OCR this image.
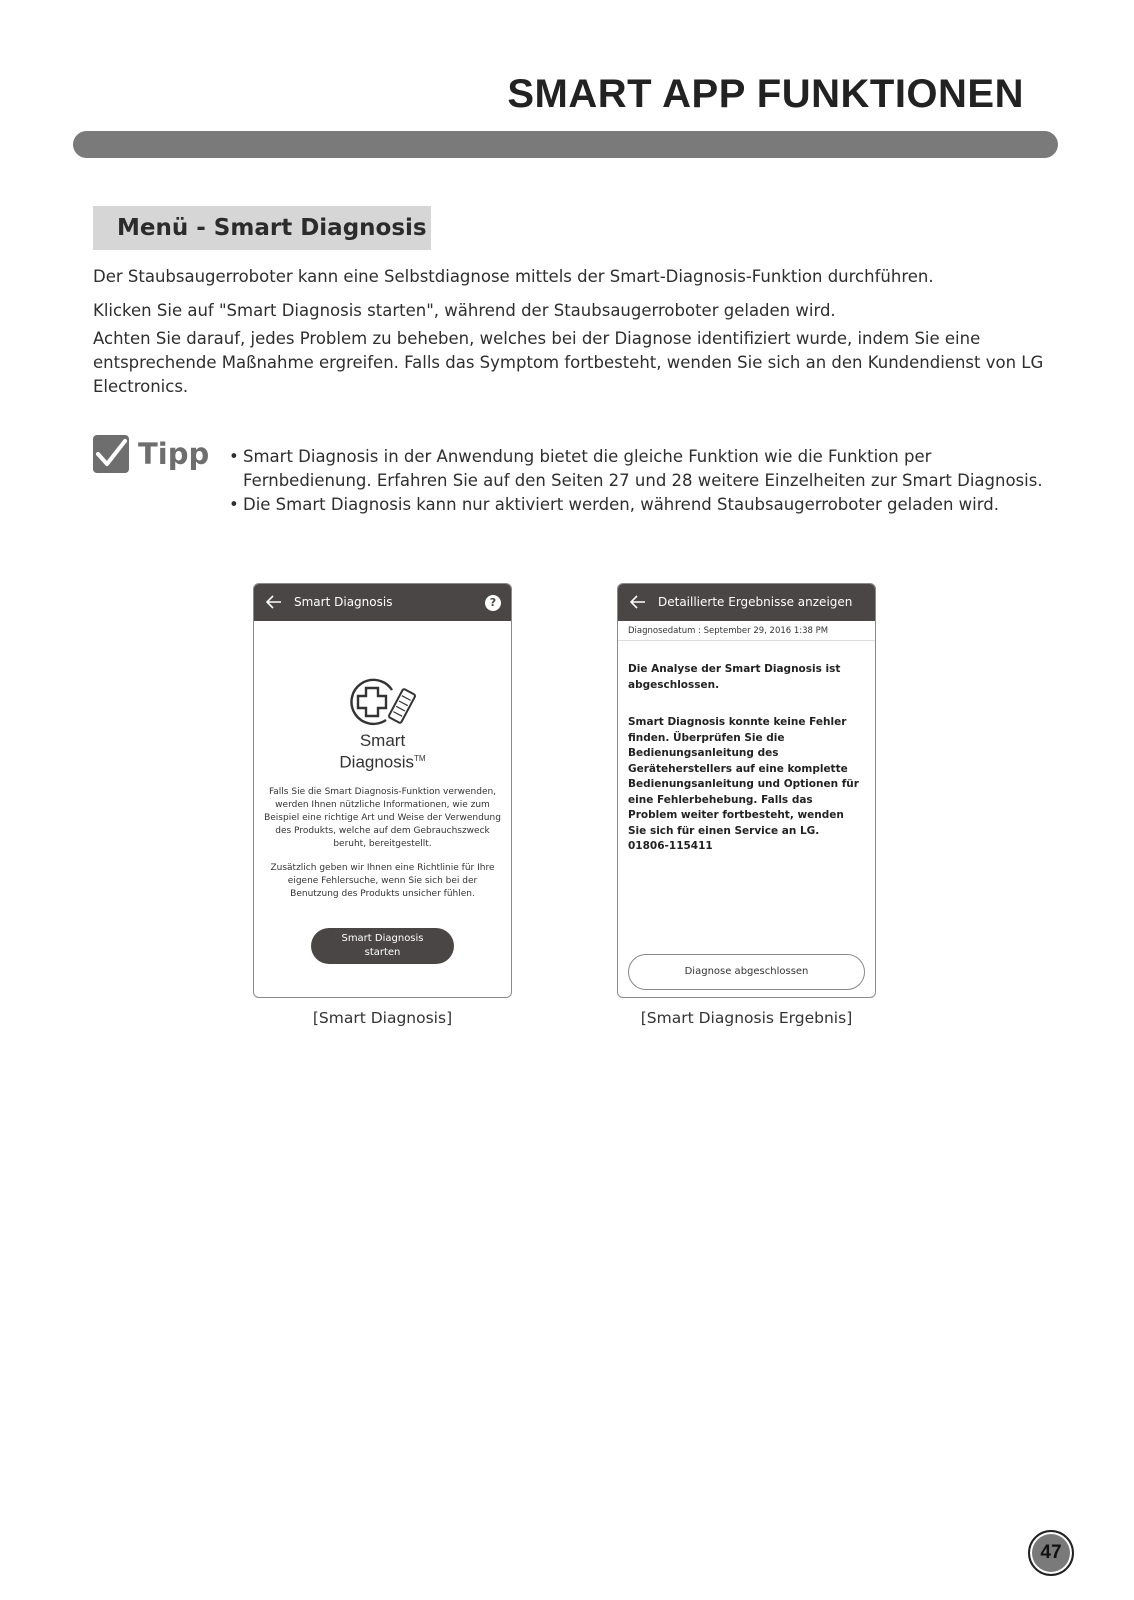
SMART APP FUNKTIONEN
Menü - Smart Diagnosis

Der Staubsaugerroboter kann eine Selbstdiagnose mittels der Smart-Diagnosis-Funktion durchführen.

Klicken Sie auf "Smart Diagnosis starten", während der Staubsaugerroboter geladen wird.

Achten Sie darauf, jedes Problem zu beheben, welches bei der Diagnose identifiziert wurde, indem Sie eine entsprechende Maßnahme ergreifen. Falls das Symptom fortbesteht, wenden Sie sich an den Kundendienst von LG Electronics.

Tipp
•	Smart Diagnosis in der Anwendung bietet die gleiche Funktion wie die Funktion per Fernbedienung. Erfahren Sie auf den Seiten 27 und 28 weitere Einzelheiten zur Smart Diagnosis.
• Die Smart Diagnosis kann nur aktiviert werden, während Staubsaugerroboter geladen wird.
Smart Diagnosis	?
Smart
Diagnosis™

Falls Sie die Smart Diagnosis-Funktion verwenden, werden Ihnen nützliche Informationen, wie zum Beispiel eine richtige Art und Weise der Verwendung des Produkts, welche auf dem Gebrauchszweck beruht, bereitgestellt.

Zusätzlich geben wir Ihnen eine Richtlinie für Ihre eigene Fehlersuche, wenn Sie sich bei der Benutzung des Produkts unsicher fühlen.

Smart Diagnosis
starten
[Smart Diagnosis]
Detaillierte Ergebnisse anzeigen
Diagnosedatum : September 29, 2016 1:38 PM

Die Analyse der Smart Diagnosis ist abgeschlossen.

Smart Diagnosis konnte keine Fehler finden. Überprüfen Sie die Bedienungsanleitung des Geräteherstellers auf eine komplette Bedienungsanleitung und Optionen für eine Fehlerbehebung. Falls das Problem weiter fortbesteht, wenden Sie sich für einen Service an LG. 01806-115411

Diagnose abgeschlossen
[Smart Diagnosis Ergebnis]
47
